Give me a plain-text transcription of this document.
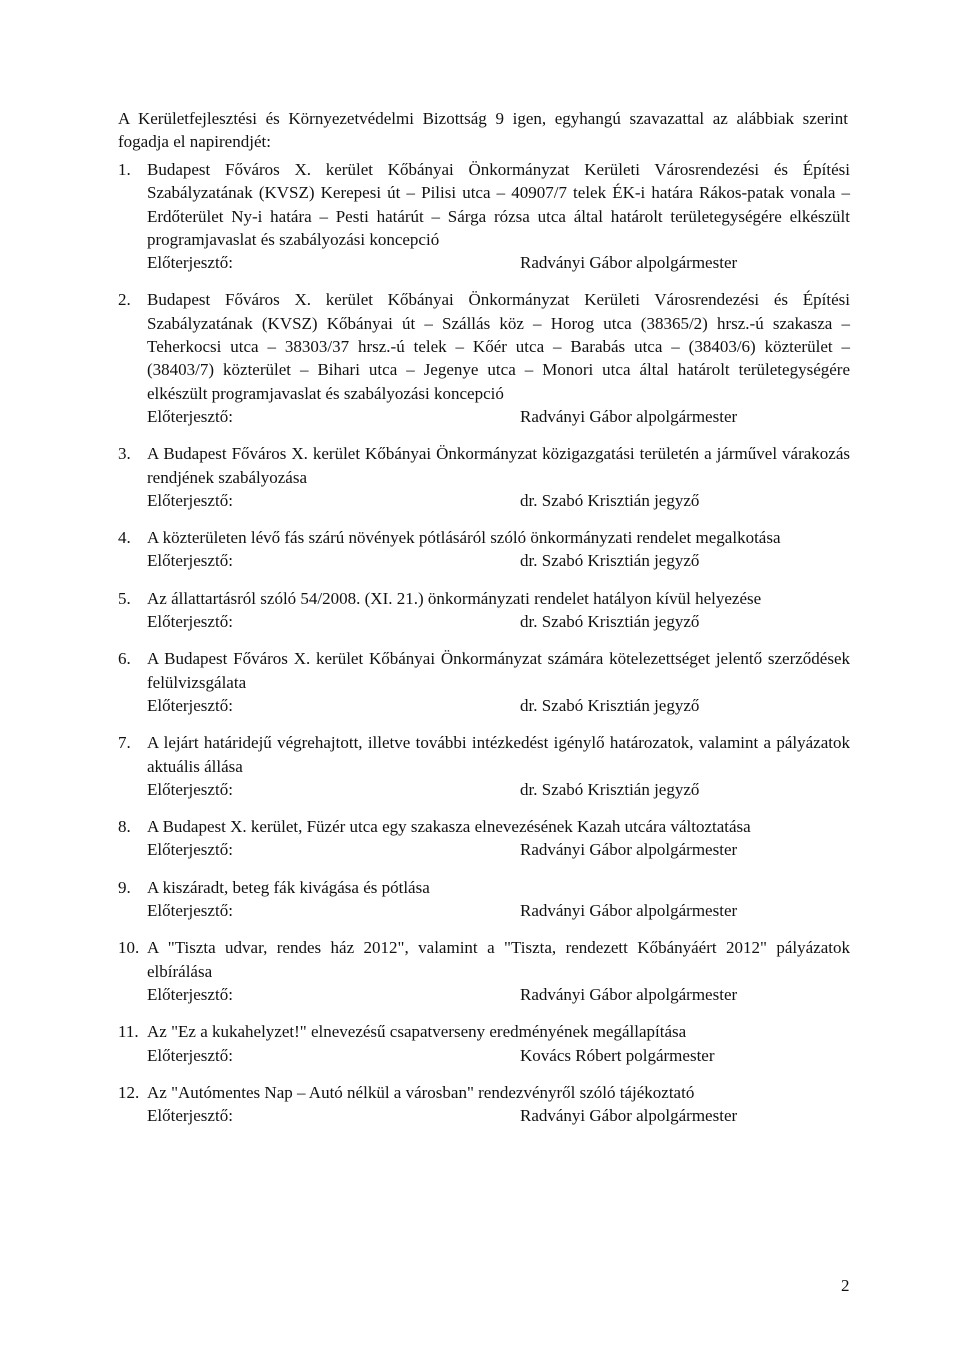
A Kerületfejlesztési és Környezetvédelmi Bizottság 9 igen, egyhangú szavazattal az alábbiak szerint fogadja el napirendjét:

1. Budapest Főváros X. kerület Kőbányai Önkormányzat Kerületi Városrendezési és Építési Szabályzatának (KVSZ) Kerepesi út – Pilisi utca – 40907/7 telek ÉK-i határa Rákos-patak vonala – Erdőterület Ny-i határa – Pesti határút – Sárga rózsa utca által határolt területegységére elkészült programjavaslat és szabályozási koncepció
Előterjesztő:	Radványi Gábor alpolgármester
2. Budapest Főváros X. kerület Kőbányai Önkormányzat Kerületi Városrendezési és Építési Szabályzatának (KVSZ) Kőbányai út – Szállás köz – Horog utca (38365/2) hrsz.-ú szakasza – Teherkocsi utca – 38303/37 hrsz.-ú telek – Kőér utca – Barabás utca – (38403/6) közterület – (38403/7) közterület – Bihari utca – Jegenye utca – Monori utca által határolt területegységére elkészült programjavaslat és szabályozási koncepció
Előterjesztő:	Radványi Gábor alpolgármester
3. A Budapest Főváros X. kerület Kőbányai Önkormányzat közigazgatási területén a járművel várakozás rendjének szabályozása
Előterjesztő:	dr. Szabó Krisztián jegyző
4. A közterületen lévő fás szárú növények pótlásáról szóló önkormányzati rendelet megalkotása
Előterjesztő:	dr. Szabó Krisztián jegyző
5. Az állattartásról szóló 54/2008. (XI. 21.) önkormányzati rendelet hatályon kívül helyezése
Előterjesztő:	dr. Szabó Krisztián jegyző
6. A Budapest Főváros X. kerület Kőbányai Önkormányzat számára kötelezettséget jelentő szerződések felülvizsgálata
Előterjesztő:	dr. Szabó Krisztián jegyző
7. A lejárt határidejű végrehajtott, illetve további intézkedést igénylő határozatok, valamint a pályázatok aktuális állása
Előterjesztő:	dr. Szabó Krisztián jegyző
8. A Budapest X. kerület, Füzér utca egy szakasza elnevezésének Kazah utcára változtatása
Előterjesztő:	Radványi Gábor alpolgármester
9. A kiszáradt, beteg fák kivágása és pótlása
Előterjesztő:	Radványi Gábor alpolgármester
10. A "Tiszta udvar, rendes ház 2012", valamint a "Tiszta, rendezett Kőbányáért 2012" pályázatok elbírálása
Előterjesztő:	Radványi Gábor alpolgármester
11. Az "Ez a kukahelyzet!" elnevezésű csapatverseny eredményének megállapítása
Előterjesztő:	Kovács Róbert polgármester
12. Az "Autómentes Nap – Autó nélkül a városban" rendezvényről szóló tájékoztató
Előterjesztő:	Radványi Gábor alpolgármester
2
